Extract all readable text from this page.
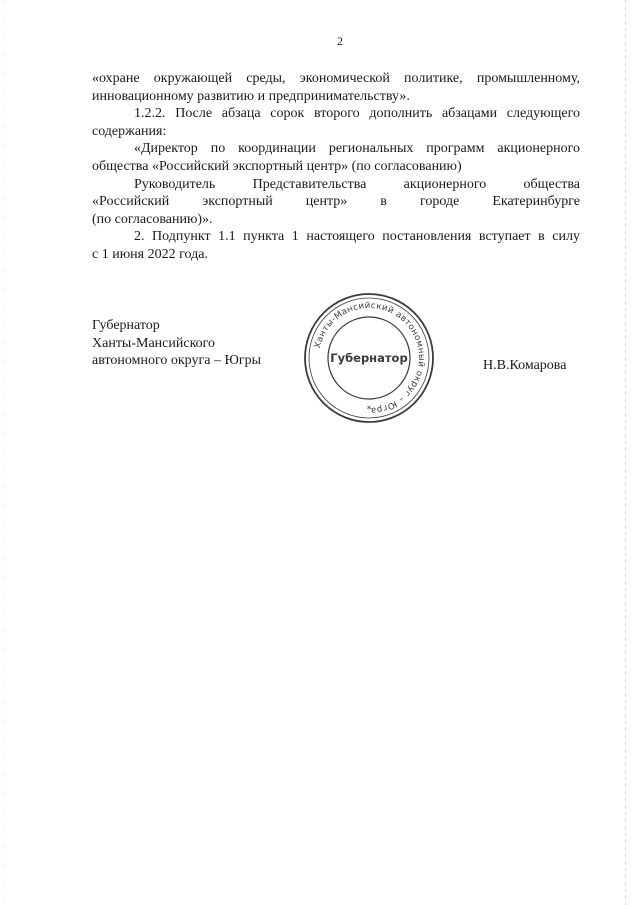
2
«охране окружающей среды, экономической политике, промышленному,
инновационному развитию и предпринимательству».
1.2.2. После абзаца сорок второго дополнить абзацами следующего
содержания:
«Директор по координации региональных программ акционерного
общества «Российский экспортный центр» (по согласованию)
Руководитель Представительства акционерного общества
«Российский экспортный центр» в городе Екатеринбурге
(по согласованию)».
2. Подпункт 1.1 пункта 1 настоящего постановления вступает в силу
с 1 июня 2022 года.
Губернатор
Ханты-Мансийского
автономного округа – Югры
Ханты-Мансийский автономный округ – Югра
Губернатор
*
Н.В.Комарова
